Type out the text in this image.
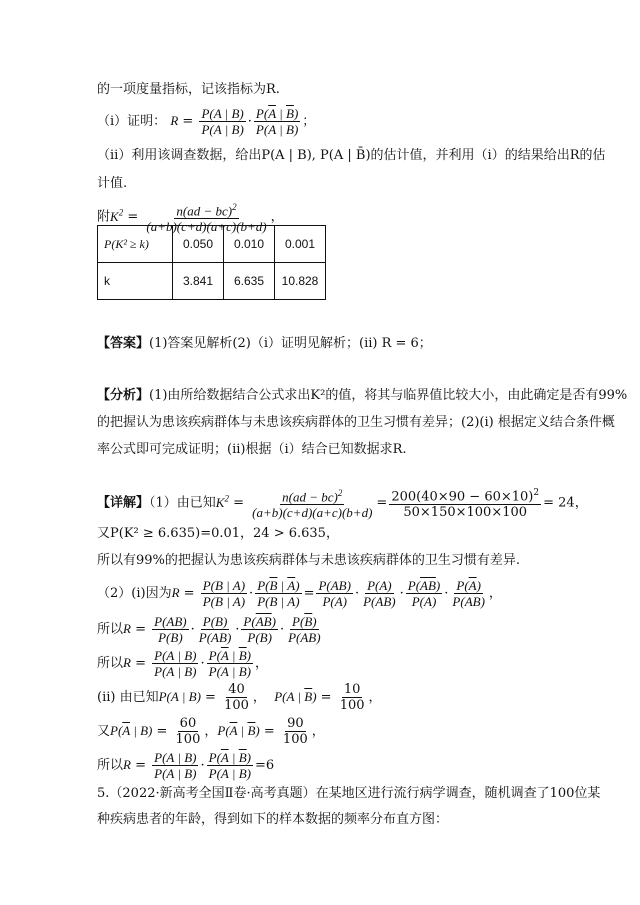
的一项度量指标，记该指标为R.
（ⅰ）证明： $R = \frac{P(A | B)}{P(\overline{A} | B)} \cdot \frac{P(\overline{A} | \overline{B})}{P(A | \overline{B})}$ ；
（ⅱ）利用该调查数据，给出P(A | B), P(A | B̄)的估计值，并利用（ⅰ）的结果给出R的估
计值.
附$K^2 = \frac{n(ad - bc)^2}{(a+b)(c+d)(a+c)(b+d)}$ ，
P(K² ≥ k)	0.050	0.010	0.001
k	3.841	6.635	10.828
【答案】(1)答案见解析(2)（ⅰ）证明见解析；(ⅱ) R = 6；
【分析】(1)由所给数据结合公式求出K²的值，将其与临界值比较大小，由此确定是否有99%
的把握认为患该疾病群体与未患该疾病群体的卫生习惯有差异；(2)(ⅰ) 根据定义结合条件概
率公式即可完成证明；(ⅱ)根据（ⅰ）结合已知数据求R.
【详解】（1）由已知$K^2 = \frac{n(ad - bc)^2}{(a+b)(c+d)(a+c)(b+d)} = \frac{200(40\times 90 - 60\times 10)^2}{50\times 150\times 100\times 100} = 24$，
又P(K² ≥ 6.635)=0.01，24 > 6.635，
所以有99%的把握认为患该疾病群体与未患该疾病群体的卫生习惯有差异.
（2）(ⅰ)因为$R = \frac{P(B | A)}{P(\overline{B} | A)} \cdot \frac{P(\overline{B} | \overline{A})}{P(B | \overline{A})} = \frac{P(AB)}{P(A)} \cdot \frac{P(A)}{P(A\overline{B})} \cdot \frac{P(\overline{AB})}{P(\overline{A})} \cdot \frac{P(\overline{A})}{P(\overline{A}B)}$ ，
所以$R = \frac{P(AB)}{P(B)} \cdot \frac{P(B)}{P(\overline{A}B)} \cdot \frac{P(\overline{AB})}{P(\overline{B})} \cdot \frac{P(\overline{B})}{P(A\overline{B})}$
所以$R = \frac{P(A | B)}{P(\overline{A} | B)} \cdot \frac{P(\overline{A} | \overline{B})}{P(A | \overline{B})}$ ，
(ⅱ) 由已知P(A | $B) = \frac{40}{100}$ ，  P(A | $\overline{B}) = \frac{10}{100}$ ，
又$P(\overline{A}$ | $B) = \frac{60}{100}$ ，$P(\overline{A}$ | $\overline{B}) = \frac{90}{100}$ ，
所以$R = \frac{P(A | B)}{P(\overline{A} | B)} \cdot \frac{P(\overline{A} | \overline{B})}{P(A | \overline{B})} =6$
5.（2022·新高考全国Ⅱ卷·高考真题）在某地区进行流行病学调查，随机调查了100位某
种疾病患者的年龄，得到如下的样本数据的频率分布直方图：
